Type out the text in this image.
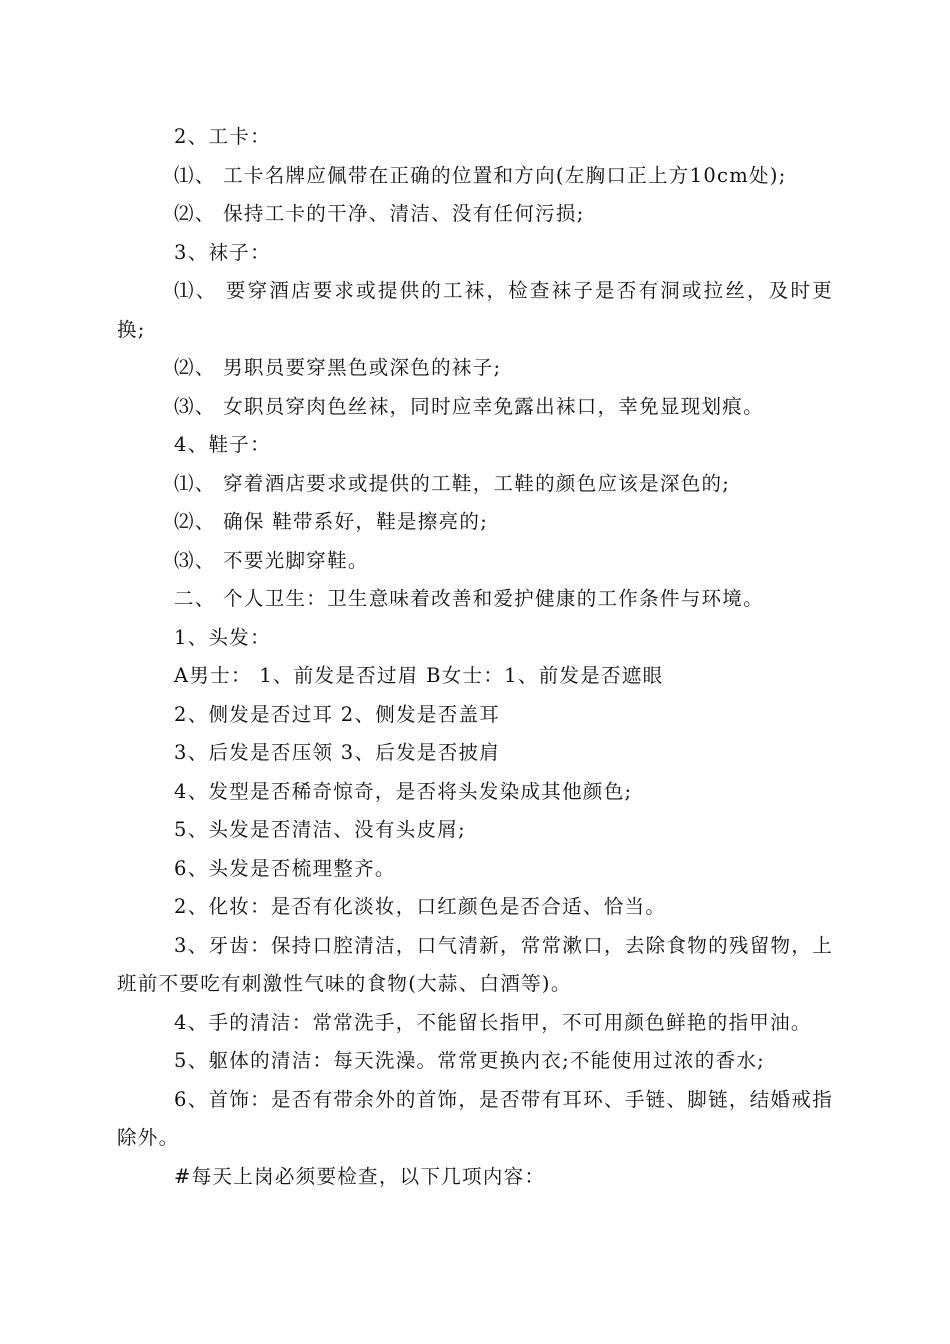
2、工卡：

⑴、 工卡名牌应佩带在正确的位置和方向(左胸口正上方10cm处);

⑵、 保持工卡的干净、清洁、没有任何污损;

3、袜子：

⑴、 要穿酒店要求或提供的工袜，检查袜子是否有洞或拉丝，及时更换;

⑵、 男职员要穿黑色或深色的袜子;

⑶、 女职员穿肉色丝袜，同时应幸免露出袜口，幸免显现划痕。

4、鞋子：

⑴、 穿着酒店要求或提供的工鞋，工鞋的颜色应该是深色的;

⑵、 确保 鞋带系好，鞋是擦亮的;

⑶、 不要光脚穿鞋。

二、 个人卫生：卫生意味着改善和爱护健康的工作条件与环境。

1、头发：

A男士： 1、前发是否过眉 B女士：1、前发是否遮眼

2、侧发是否过耳 2、侧发是否盖耳

3、后发是否压领 3、后发是否披肩

4、发型是否稀奇惊奇，是否将头发染成其他颜色;

5、头发是否清洁、没有头皮屑;

6、头发是否梳理整齐。

2、化妆：是否有化淡妆，口红颜色是否合适、恰当。

3、牙齿：保持口腔清洁，口气清新，常常漱口，去除食物的残留物，上班前不要吃有刺激性气味的食物(大蒜、白酒等)。

4、手的清洁：常常洗手，不能留长指甲，不可用颜色鲜艳的指甲油。

5、躯体的清洁：每天洗澡。常常更换内衣;不能使用过浓的香水;

6、首饰：是否有带余外的首饰，是否带有耳环、手链、脚链，结婚戒指除外。

#每天上岗必须要检查，以下几项内容：
